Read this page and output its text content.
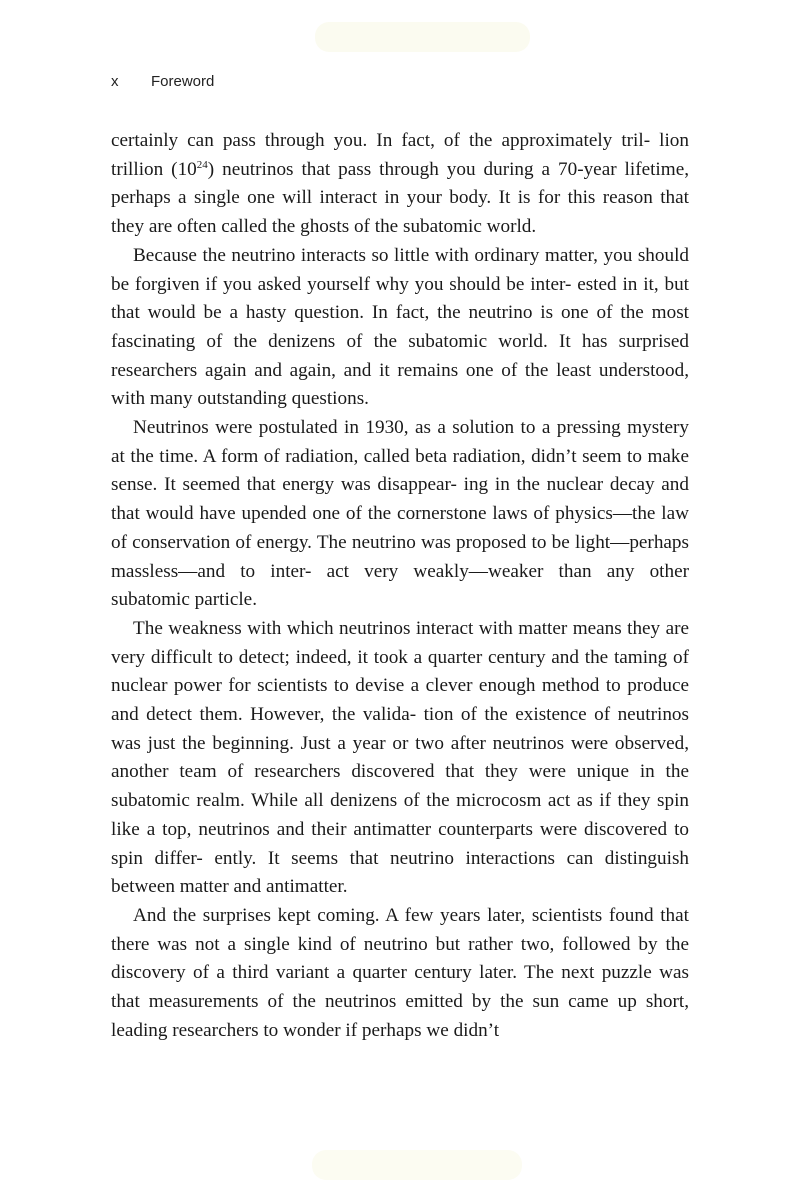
x	Foreword

certainly can pass through you. In fact, of the approximately tril- lion trillion $(10^{24})$ neutrinos that pass through you during a 70-year lifetime, perhaps a single one will interact in your body. It is for this reason that they are often called the ghosts of the subatomic world.

Because the neutrino interacts so little with ordinary matter, you should be forgiven if you asked yourself why you should be inter- ested in it, but that would be a hasty question. In fact, the neutrino is one of the most fascinating of the denizens of the subatomic world. It has surprised researchers again and again, and it remains one of the least understood, with many outstanding questions.

Neutrinos were postulated in 1930, as a solution to a pressing mystery at the time. A form of radiation, called beta radiation, didn’t seem to make sense. It seemed that energy was disappear- ing in the nuclear decay and that would have upended one of the cornerstone laws of physics—the law of conservation of energy. The neutrino was proposed to be light—perhaps massless—and to inter- act very weakly—weaker than any other subatomic particle.

The weakness with which neutrinos interact with matter means they are very difficult to detect; indeed, it took a quarter century and the taming of nuclear power for scientists to devise a clever enough method to produce and detect them. However, the valida- tion of the existence of neutrinos was just the beginning. Just a year or two after neutrinos were observed, another team of researchers discovered that they were unique in the subatomic realm. While all denizens of the microcosm act as if they spin like a top, neutrinos and their antimatter counterparts were discovered to spin differ- ently. It seems that neutrino interactions can distinguish between matter and antimatter.

And the surprises kept coming. A few years later, scientists found that there was not a single kind of neutrino but rather two, followed by the discovery of a third variant a quarter century later. The next puzzle was that measurements of the neutrinos emitted by the sun came up short, leading researchers to wonder if perhaps we didn’t
